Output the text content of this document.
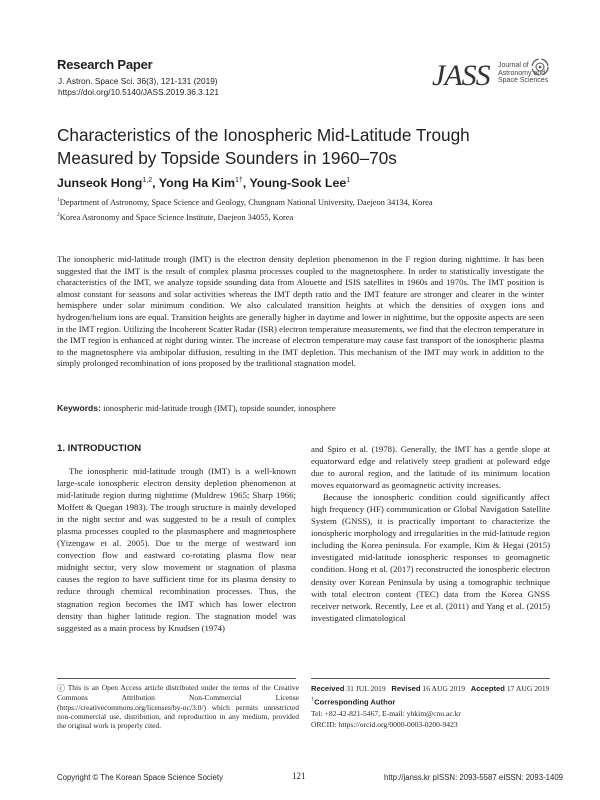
Research Paper
J. Astron. Space Sci. 36(3), 121-131 (2019)
https://doi.org/10.5140/JASS.2019.36.3.121	JASS Journal of
Astronomy and
Space Sciences
Characteristics of the Ionospheric Mid-Latitude Trough Measured by Topside Sounders in 1960–70s
Junseok Hong$^{1,2}$, Yong Ha Kim$^{1\dagger}$, Young-Sook Lee$^1$
$^1$Department of Astronomy, Space Science and Geology, Chungnam National University, Daejeon 34134, Korea
$^2$Korea Astronomy and Space Science Institute, Daejeon 34055, Korea
The ionospheric mid-latitude trough (IMT) is the electron density depletion phenomenon in the F region during nighttime. It has been suggested that the IMT is the result of complex plasma processes coupled to the magnetosphere. In order to statistically investigate the characteristics of the IMT, we analyze topside sounding data from Alouette and ISIS satellites in 1960s and 1970s. The IMT position is almost constant for seasons and solar activities whereas the IMT depth ratio and the IMT feature are stronger and clearer in the winter hemisphere under solar minimum condition. We also calculated transition heights at which the densities of oxygen ions and hydrogen/helium ions are equal. Transition heights are generally higher in daytime and lower in nighttime, but the opposite aspects are seen in the IMT region. Utilizing the Incoherent Scatter Radar (ISR) electron temperature measurements, we find that the electron temperature in the IMT region is enhanced at night during winter. The increase of electron temperature may cause fast transport of the ionospheric plasma to the magnetosphere via ambipolar diffusion, resulting in the IMT depletion. This mechanism of the IMT may work in addition to the simply prolonged recombination of ions proposed by the traditional stagnation model.
Keywords: ionospheric mid-latitude trough (IMT), topside sounder, ionosphere
1. INTRODUCTION

The ionospheric mid-latitude trough (IMT) is a well-known large-scale ionospheric electron density depletion phenomenon at mid-latitude region during nighttime (Muldrew 1965; Sharp 1966; Moffett & Quegan 1983). The trough structure is mainly developed in the night sector and was suggested to be a result of complex plasma processes coupled to the plasmasphere and magnetosphere (Yizengaw et al. 2005). Due to the merge of westward ion convection flow and eastward co-rotating plasma flow near midnight sector, very slow movement or stagnation of plasma causes the region to have sufficient time for its plasma density to reduce through chemical recombination processes. Thus, the stagnation region becomes the IMT which has lower electron density than higher latitude region. The stagnation model was suggested as a main process by Knudsen (1974)

and Spiro et al. (1978). Generally, the IMT has a gentle slope at equatorward edge and relatively steep gradient at poleward edge due to auroral region, and the latitude of its minimum location moves equatorward as geomagnetic activity increases.

Because the ionospheric condition could significantly affect high frequency (HF) communication or Global Navigation Satellite System (GNSS), it is practically important to characterize the ionospheric morphology and irregularities in the mid-latitude region including the Korea peninsula. For example, Kim & Hegai (2015) investigated mid-latitude ionospheric responses to geomagnetic condition. Hong et al. (2017) reconstructed the ionospheric electron density over Korean Peninsula by using a tomographic technique with total electron content (TEC) data from the Korea GNSS receiver network. Recently, Lee et al. (2011) and Yang et al. (2015) investigated climatological

ⓒ This is an Open Access article distributed under the terms of the Creative Commons Attribution Non-Commercial License (https://creativecommons.org/licenses/by-nc/3.0/) which permits unrestricted non-commercial use, distribution, and reproduction in any medium, provided the original work is properly cited.
Received 31 JUL 2019 Revised 16 AUG 2019 Accepted 17 AUG 2019
†Corresponding Author
Tel: +82-42-821-5467, E-mail: yhkim@cnu.ac.kr
ORCID: https://orcid.org/0000-0003-0200-9423
Copyright © The Korean Space Science Society	121	http://janss.kr pISSN: 2093-5587 eISSN: 2093-1409
